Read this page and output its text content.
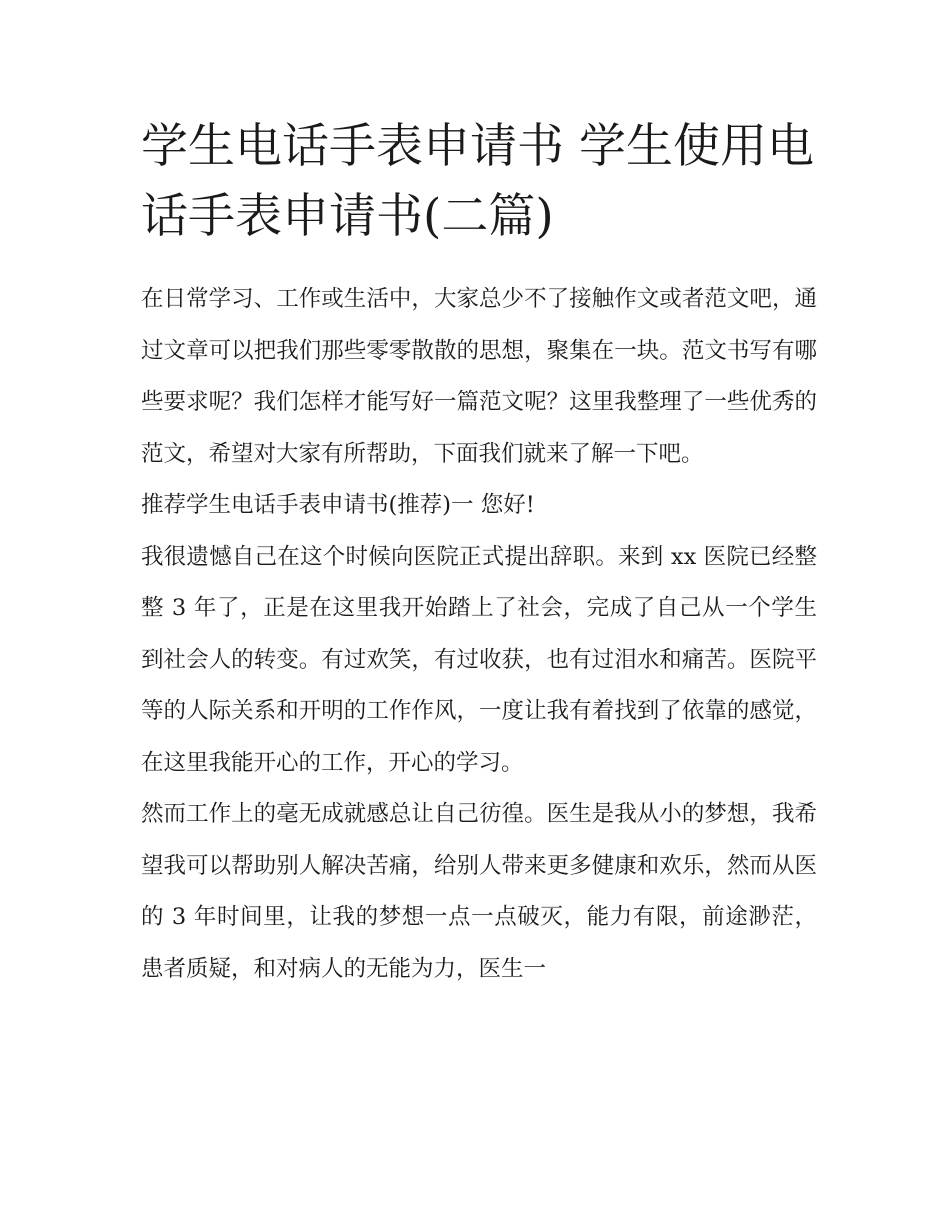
学生电话手表申请书 学生使用电话手表申请书(二篇)

在日常学习、工作或生活中，大家总少不了接触作文或者范文吧，通过文章可以把我们那些零零散散的思想，聚集在一块。范文书写有哪些要求呢？我们怎样才能写好一篇范文呢？这里我整理了一些优秀的范文，希望对大家有所帮助，下面我们就来了解一下吧。

推荐学生电话手表申请书(推荐)一 您好!

我很遗憾自己在这个时候向医院正式提出辞职。来到 xx 医院已经整整 3 年了，正是在这里我开始踏上了社会，完成了自己从一个学生到社会人的转变。有过欢笑，有过收获，也有过泪水和痛苦。医院平等的人际关系和开明的工作作风，一度让我有着找到了依靠的感觉，在这里我能开心的工作，开心的学习。

然而工作上的毫无成就感总让自己彷徨。医生是我从小的梦想，我希望我可以帮助别人解决苦痛，给别人带来更多健康和欢乐，然而从医的 3 年时间里，让我的梦想一点一点破灭，能力有限，前途渺茫，患者质疑，和对病人的无能为力，医生一
